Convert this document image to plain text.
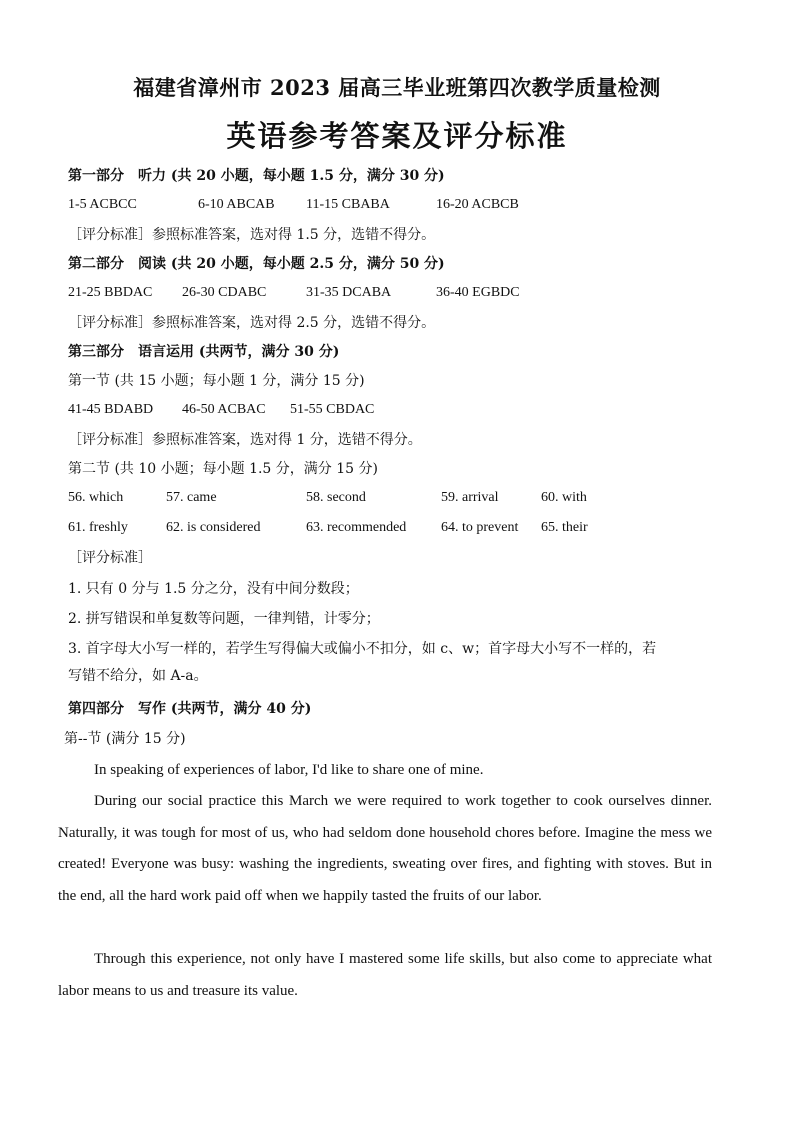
福建省漳州市 2023 届高三毕业班第四次教学质量检测
英语参考答案及评分标准
第一部分　听力 (共 20 小题，每小题 1.5 分，满分 30 分)
1-5 ACBCC	6-10 ABCAB 11-15 CBABA	16-20 ACBCB
［评分标准］参照标准答案，选对得 1.5 分，选错不得分。
第二部分　阅读 (共 20 小题，每小题 2.5 分，满分 50 分)
21-25 BBDAC 26-30 CDABC	31-35 DCABA	36-40 EGBDC
［评分标准］参照标准答案，选对得 2.5 分，选错不得分。
第三部分　语言运用 (共两节，满分 30 分)
第一节 (共 15 小题；每小题 1 分，满分 15 分)
41-45 BDABD 46-50 ACBAC 51-55 CBDAC
［评分标准］参照标准答案，选对得 1 分，选错不得分。
第二节 (共 10 小题；每小题 1.5 分，满分 15 分)
56. which	57. came	58. second	59. arrival	60. with
61. freshly	62. is considered	63. recommended 64. to prevent 65. their
［评分标准］
1. 只有 0 分与 1.5 分之分，没有中间分数段；
2. 拼写错误和单复数等问题，一律判错，计零分；
3. 首字母大小写一样的，若学生写得偏大或偏小不扣分，如 c、w；首字母大小写不一样的，若
写错不给分，如 A-a。
第四部分　写作 (共两节，满分 40 分)
第--节 (满分 15 分)
In speaking of experiences of labor, I'd like to share one of mine.
During our social practice this March we were required to work together to cook ourselves dinner. Naturally, it was tough for most of us, who had seldom done household chores before. Imagine the mess we created! Everyone was busy: washing the ingredients, sweating over fires, and fighting with stoves. But in the end, all the hard work paid off when we happily tasted the fruits of our labor.
Through this experience, not only have I mastered some life skills, but also come to appreciate what labor means to us and treasure its value.
